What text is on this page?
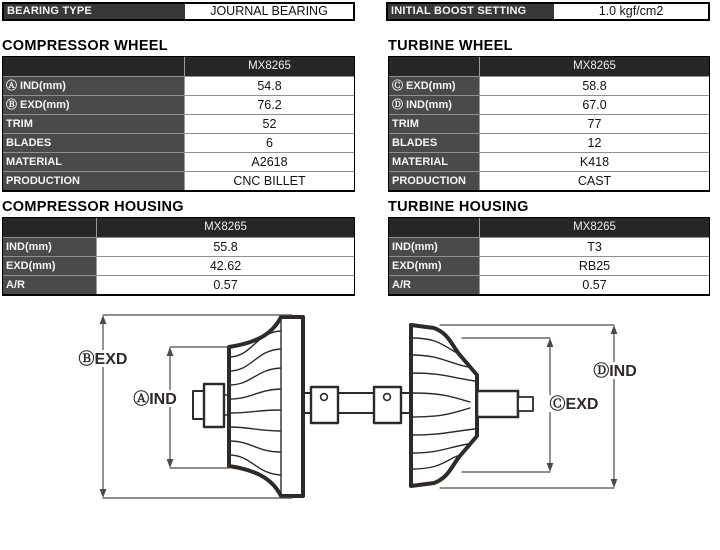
BEARING TYPE	JOURNAL BEARING	INITIAL BOOST SETTING	1.0 kgf/cm2
COMPRESSOR WHEEL	TURBINE WHEEL
COMPRESSOR HOUSING	TURBINE HOUSING
MX8265
Ⓐ IND(mm)	54.8
Ⓑ EXD(mm)	76.2
TRIM	52
BLADES	6
MATERIAL	A2618
PRODUCTION	CNC BILLET
MX8265
Ⓒ EXD(mm)	58.8
Ⓓ IND(mm)	67.0
TRIM	77
BLADES	12
MATERIAL	K418
PRODUCTION	CAST
MX8265
IND(mm)	55.8
EXD(mm)	42.62
A/R	0.57
MX8265
IND(mm)	T3
EXD(mm)	RB25
A/R	0.57
ⒷEXD
ⒶIND	ⒸEXD
ⒹIND
